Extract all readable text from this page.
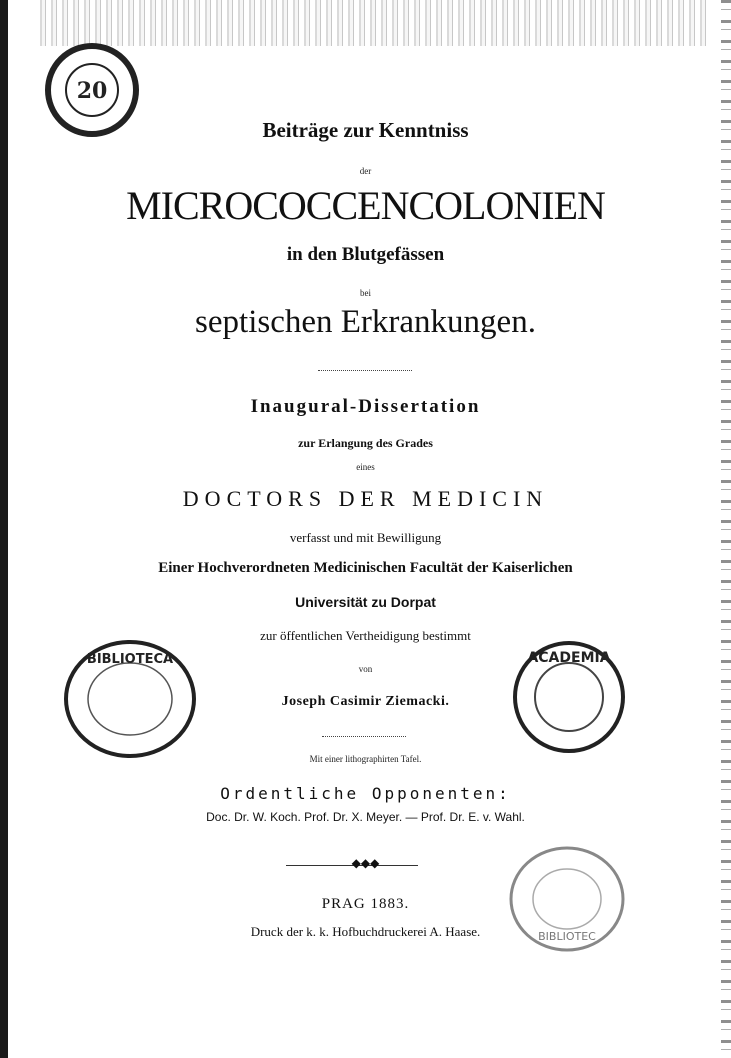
20
BIBLIOTECA	ACADEMIA
BIBLIOTEC
Beiträge zur Kenntniss
der
MICROCOCCENCOLONIEN
in den Blutgefässen
bei
septischen Erkrankungen.
Inaugural-Dissertation
zur Erlangung des Grades
eines
DOCTORS DER MEDICIN
verfasst und mit Bewilligung
Einer Hochverordneten Medicinischen Facultät der Kaiserlichen
Universität zu Dorpat
zur öffentlichen Vertheidigung bestimmt
von
Joseph Casimir Ziemacki.
Mit einer lithographirten Tafel.
Ordentliche Opponenten:
Doc. Dr. W. Koch. Prof. Dr. X. Meyer. — Prof. Dr. E. v. Wahl.
◆◆◆
PRAG 1883.
Druck der k. k. Hofbuchdruckerei A. Haase.
